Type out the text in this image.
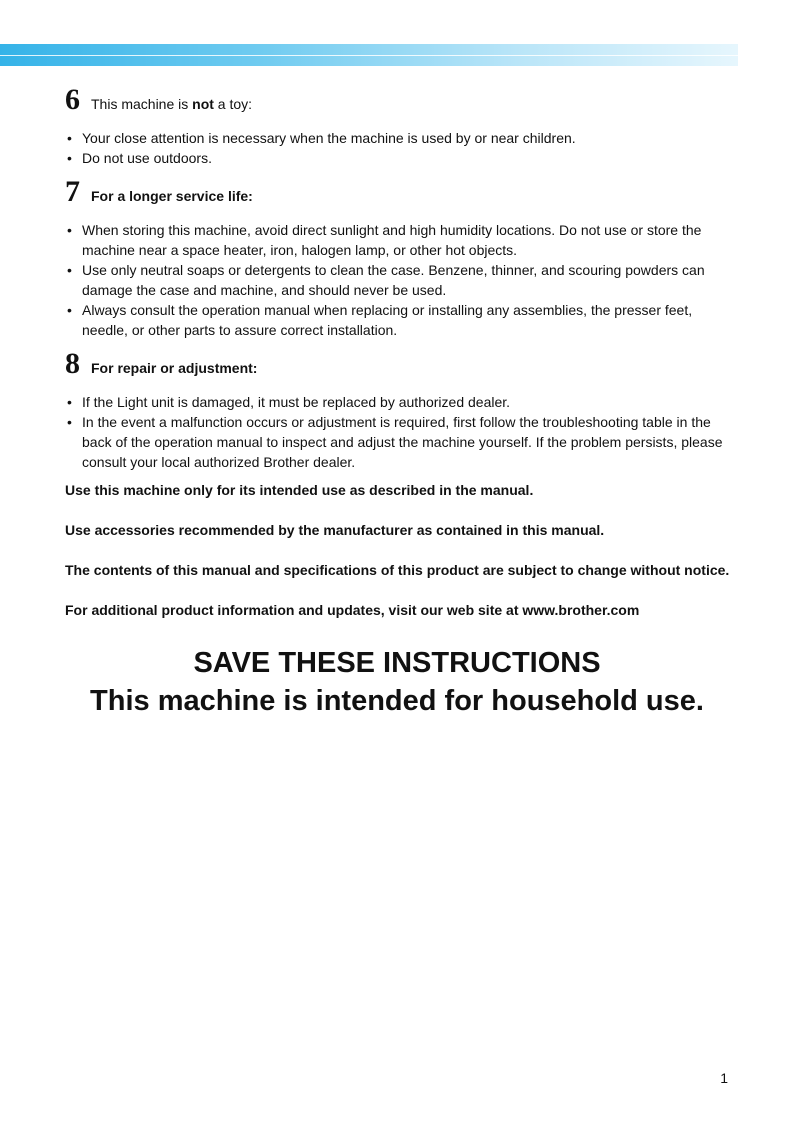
6 This machine is not a toy:
• Your close attention is necessary when the machine is used by or near children.
• Do not use outdoors.
7 For a longer service life:
• When storing this machine, avoid direct sunlight and high humidity locations. Do not use or store the machine near a space heater, iron, halogen lamp, or other hot objects.
• Use only neutral soaps or detergents to clean the case. Benzene, thinner, and scouring powders can damage the case and machine, and should never be used.
• Always consult the operation manual when replacing or installing any assemblies, the presser feet, needle, or other parts to assure correct installation.
8 For repair or adjustment:
• If the Light unit is damaged, it must be replaced by authorized dealer.
• In the event a malfunction occurs or adjustment is required, first follow the troubleshooting table in the back of the operation manual to inspect and adjust the machine yourself. If the problem persists, please consult your local authorized Brother dealer.

Use this machine only for its intended use as described in the manual.

Use accessories recommended by the manufacturer as contained in this manual.

The contents of this manual and specifications of this product are subject to change without notice.

For additional product information and updates, visit our web site at www.brother.com

SAVE THESE INSTRUCTIONS
This machine is intended for household use.
1
